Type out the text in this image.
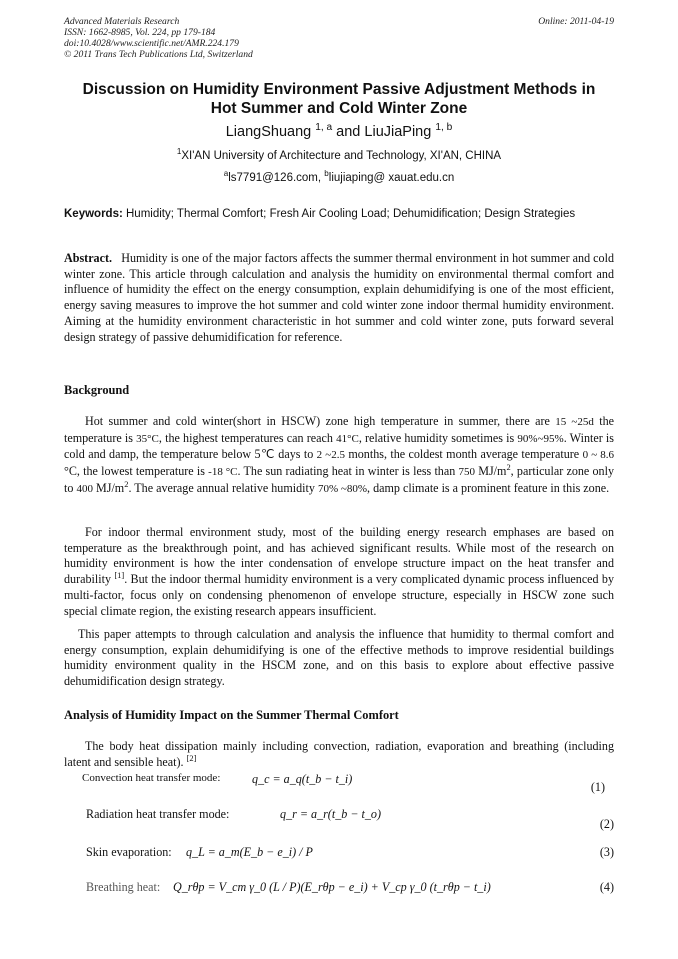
Advanced Materials Research
ISSN: 1662-8985, Vol. 224, pp 179-184
doi:10.4028/www.scientific.net/AMR.224.179
© 2011 Trans Tech Publications Ltd, Switzerland
Online: 2011-04-19
Discussion on Humidity Environment Passive Adjustment Methods in
Hot Summer and Cold Winter Zone
LiangShuang $^{1, a}$ and LiuJiaPing $^{1, b}$
$^1$XI'AN University of Architecture and Technology, XI'AN, CHINA
$^a$ls7791@126.com, $^b$liujiaping@ xauat.edu.cn
Keywords: Humidity; Thermal Comfort; Fresh Air Cooling Load; Dehumidification; Design Strategies
Abstract. Humidity is one of the major factors affects the summer thermal environment in hot summer and cold winter zone. This article through calculation and analysis the humidity on environmental thermal comfort and influence of humidity the effect on the energy consumption, explain dehumidifying is one of the most efficient, energy saving measures to improve the hot summer and cold winter zone indoor thermal humidity environment. Aiming at the humidity environment characteristic in hot summer and cold winter zone, puts forward several design strategy of passive dehumidification for reference.
Background
Hot summer and cold winter(short in HSCW) zone high temperature in summer, there are 15 ~25d the temperature is 35°C, the highest temperatures can reach 41°C, relative humidity sometimes is 90%~95%. Winter is cold and damp, the temperature below 5℃ days to 2 ~2.5 months, the coldest month average temperature 0 ~ 8.6 °C, the lowest temperature is -18 °C. The sun radiating heat in winter is less than 750 $MJ/m^2$, particular zone only to 400 $MJ/m^2$. The average annual relative humidity 70% ~80%, damp climate is a prominent feature in this zone.
For indoor thermal environment study, most of the building energy research emphases are based on temperature as the breakthrough point, and has achieved significant results. While most of the research on humidity environment is how the inter condensation of envelope structure impact on the heat transfer and durability [1]. But the indoor thermal humidity environment is a very complicated dynamic process influenced by multi-factor, focus only on condensing phenomenon of envelope structure, especially in HSCW zone such special climate region, the existing research appears insufficient.
This paper attempts to through calculation and analysis the influence that humidity to thermal comfort and energy consumption, explain dehumidifying is one of the effective methods to improve residential buildings humidity environment quality in the HSCM zone, and on this basis to explore about effective passive dehumidification design strategy.
Analysis of Humidity Impact on the Summer Thermal Comfort
The body heat dissipation mainly including convection, radiation, evaporation and breathing (including latent and sensible heat). [2]
Convection heat transfer mode:	q_c = a_q(t_b − t_i)
(1)
Radiation heat transfer mode:	q_r = a_r(t_b − t_o)
(2)
Skin evaporation: q_L = a_m(E_b − e_i) / P	(3)
Breathing heat: Q_rθp = V_cm γ_0 (L / P)(E_rθp − e_i) + V_cp γ_0 (t_rθp − t_i)	(4)
